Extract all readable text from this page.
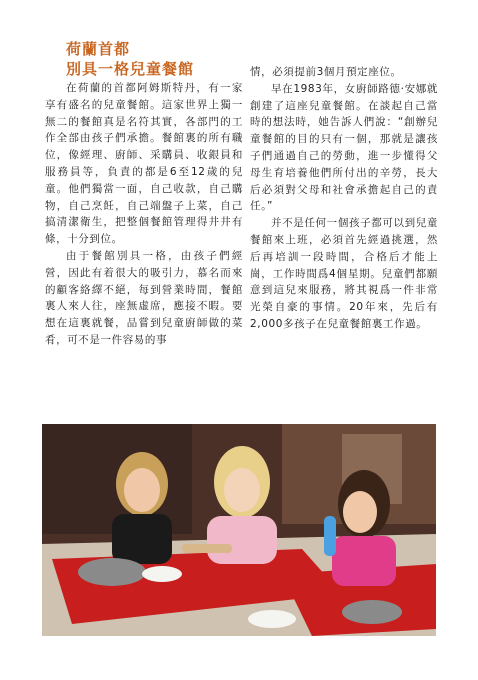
荷蘭首都
別具一格兒童餐館

在荷蘭的首都阿姆斯特丹，有一家享有盛名的兒童餐館。這家世界上獨一無二的餐館真是名符其實，各部門的工作全部由孩子們承擔。餐館裏的所有職位，像經理、廚師、采購員、收銀員和服務員等，負責的都是6至12歲的兒童。他們獨當一面，自己收款，自己購物，自己烹飪，自己端盤子上菜，自己搞清潔衛生，把整個餐館管理得井井有條，十分到位。

由于餐館別具一格，由孩子們經營，因此有着很大的吸引力，慕名而來的顧客絡繹不絕，每到營業時間，餐館裏人來人往，座無虛席，應接不暇。要想在這裏就餐，品嘗到兒童廚師做的菜肴，可不是一件容易的事

情，必須提前3個月預定座位。

早在1983年，女廚師路德·安娜就創建了這座兒童餐館。在談起自己當時的想法時，她告訴人們說：“創辦兒童餐館的目的只有一個，那就是讓孩子們通過自己的勞動，進一步懂得父母生育培養他們所付出的辛勞，長大后必須對父母和社會承擔起自己的責任。”

并不是任何一個孩子都可以到兒童餐館來上班，必須首先經過挑選，然后再培訓一段時間，合格后才能上崗，工作時間爲4個星期。兒童們都願意到這兒來服務，將其視爲一件非常光榮自豪的事情。20年來，先后有2,000多孩子在兒童餐館裏工作過。
